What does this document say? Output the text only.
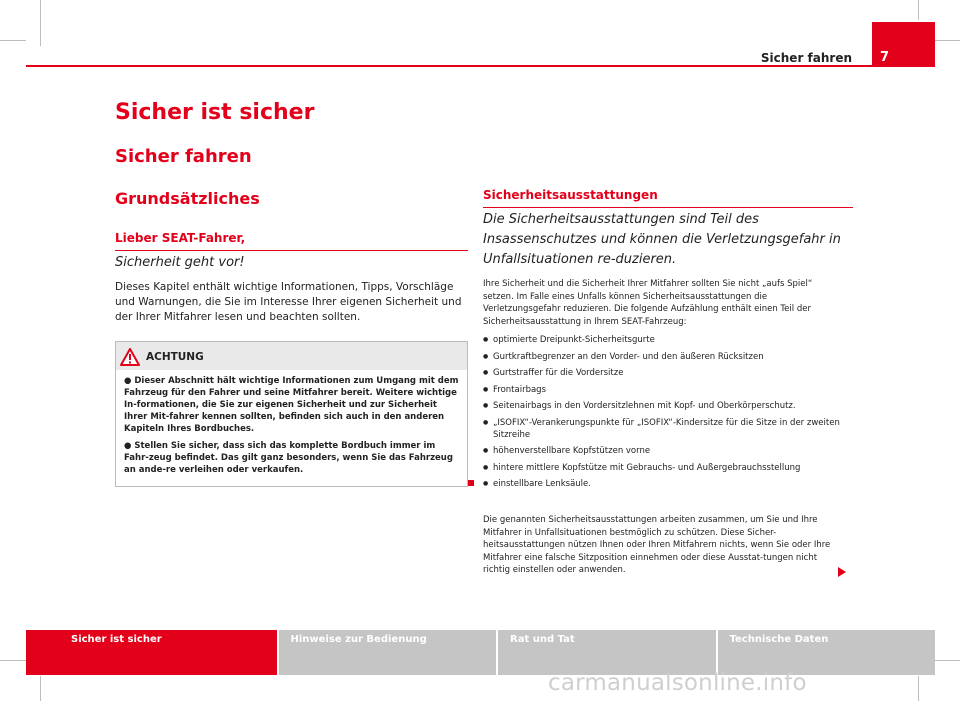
Sicher fahren	7
Sicher ist sicher
Sicher fahren
Grundsätzliches
Lieber SEAT-Fahrer,
Sicherheit geht vor!
Dieses Kapitel enthält wichtige Informationen, Tipps, Vorschläge und Warnungen, die Sie im Interesse Ihrer eigenen Sicherheit und der Ihrer Mitfahrer lesen und beachten sollten.
ACHTUNG

● Dieser Abschnitt hält wichtige Informationen zum Umgang mit dem Fahrzeug für den Fahrer und seine Mitfahrer bereit. Weitere wichtige In-formationen, die Sie zur eigenen Sicherheit und zur Sicherheit Ihrer Mit-fahrer kennen sollten, befinden sich auch in den anderen Kapiteln Ihres Bordbuches.

● Stellen Sie sicher, dass sich das komplette Bordbuch immer im Fahr-zeug befindet. Das gilt ganz besonders, wenn Sie das Fahrzeug an ande-re verleihen oder verkaufen.

Sicherheitsausstattungen
Die Sicherheitsausstattungen sind Teil des Insassenschutzes und können die Verletzungsgefahr in Unfallsituationen re-duzieren.
Ihre Sicherheit und die Sicherheit Ihrer Mitfahrer sollten Sie nicht „aufs Spiel“ setzen. Im Falle eines Unfalls können Sicherheitsausstattungen die Verletzungsgefahr reduzieren. Die folgende Aufzählung enthält einen Teil der Sicherheitsausstattung in Ihrem SEAT-Fahrzeug:
● optimierte Dreipunkt-Sicherheitsgurte
● Gurtkraftbegrenzer an den Vorder- und den äußeren Rücksitzen
● Gurtstraffer für die Vordersitze
● Frontairbags
● Seitenairbags in den Vordersitzlehnen mit Kopf- und Oberkörperschutz.
● „ISOFIX“-Verankerungspunkte für „ISOFIX“-Kindersitze für die Sitze in der zweiten Sitzreihe
● höhenverstellbare Kopfstützen vorne
● hintere mittlere Kopfstütze mit Gebrauchs- und Außergebrauchsstellung
● einstellbare Lenksäule.
Die genannten Sicherheitsausstattungen arbeiten zusammen, um Sie und Ihre Mitfahrer in Unfallsituationen bestmöglich zu schützen. Diese Sicher-heitsausstattungen nützen Ihnen oder Ihren Mitfahrern nichts, wenn Sie oder Ihre Mitfahrer eine falsche Sitzposition einnehmen oder diese Ausstat-tungen nicht richtig einstellen oder anwenden.
Sicher ist sicher	Hinweise zur Bedienung	Rat und Tat	Technische Daten
carmanualsonline.info
